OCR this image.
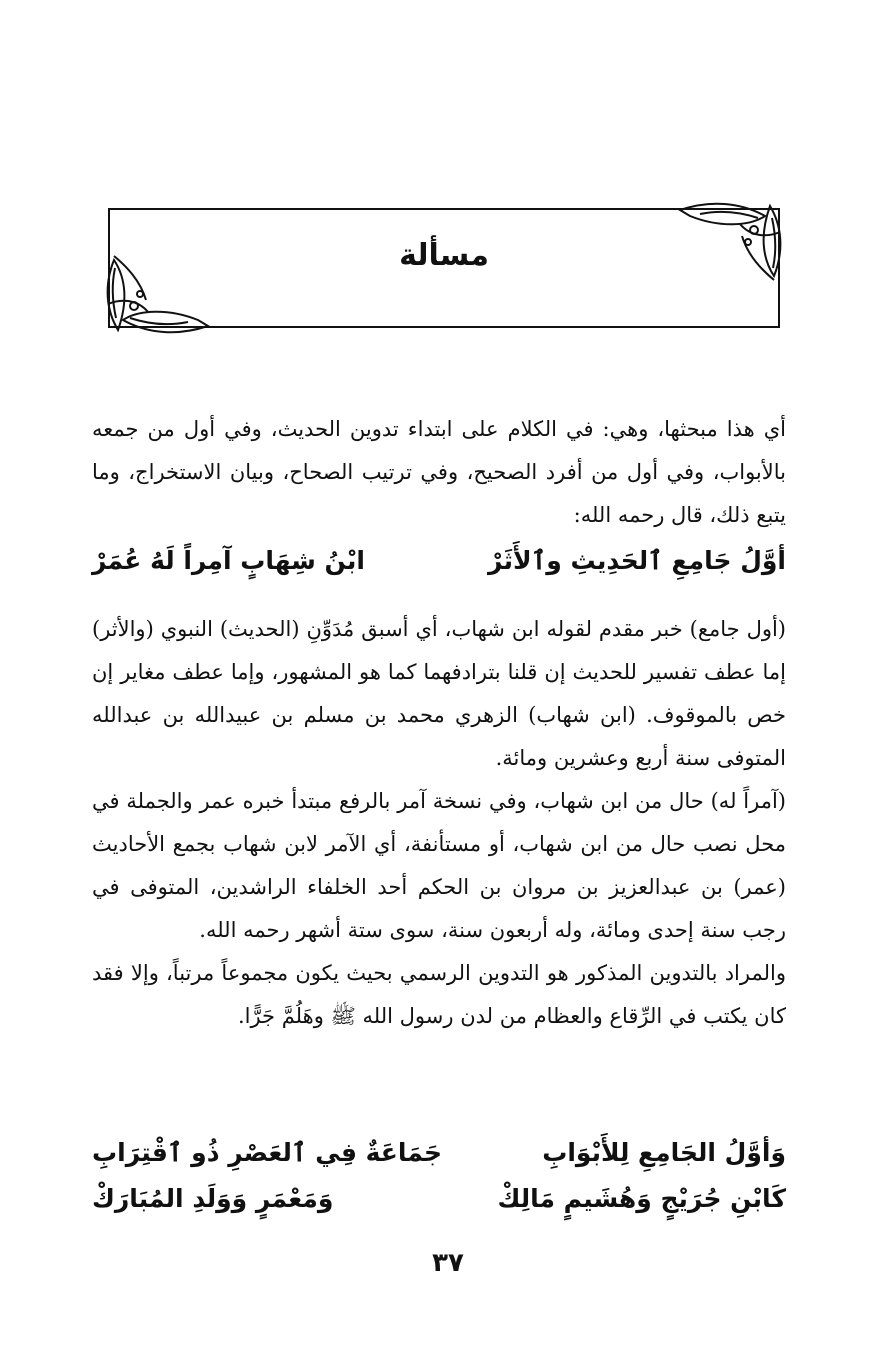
مسألة

أي هذا مبحثها، وهي: في الكلام على ابتداء تدوين الحديث، وفي أول من جمعه بالأبواب، وفي أول من أفرد الصحيح، وفي ترتيب الصحاح، وبيان الاستخراج، وما يتبع ذلك، قال رحمه الله:

أوَّلُ جَامِعِ ٱلحَدِيثِ وٱلأَثَرْ
ابْنُ شِهَابٍ آمِراً لَهُ عُمَرْ

(أول جامع) خبر مقدم لقوله ابن شهاب، أي أسبق مُدَوِّنِ (الحديث) النبوي (والأثر) إما عطف تفسير للحديث إن قلنا بترادفهما كما هو المشهور، وإما عطف مغاير إن خص بالموقوف. (ابن شهاب) الزهري محمد بن مسلم بن عبيدالله بن عبدالله المتوفى سنة أربع وعشرين ومائة.

(آمراً له) حال من ابن شهاب، وفي نسخة آمر بالرفع مبتدأ خبره عمر والجملة في محل نصب حال من ابن شهاب، أو مستأنفة، أي الآمر لابن شهاب بجمع الأحاديث (عمر) بن عبدالعزيز بن مروان بن الحكم أحد الخلفاء الراشدين، المتوفى في رجب سنة إحدى ومائة، وله أربعون سنة، سوى ستة أشهر رحمه الله.

والمراد بالتدوين المذكور هو التدوين الرسمي بحيث يكون مجموعاً مرتباً، وإلا فقد كان يكتب في الرِّقاع والعظام من لدن رسول الله ﷺ وهَلُمَّ جَرًّا.

وَأوَّلُ الجَامِعِ لِلأَبْوَابِ
جَمَاعَةٌ فِي ٱلعَصْرِ ذُو ٱقْتِرَابِ
كَابْنِ جُرَيْجٍ وَهُشَيمٍ مَالِكْ
وَمَعْمَرٍ وَوَلَدِ المُبَارَكْ
٣٧
